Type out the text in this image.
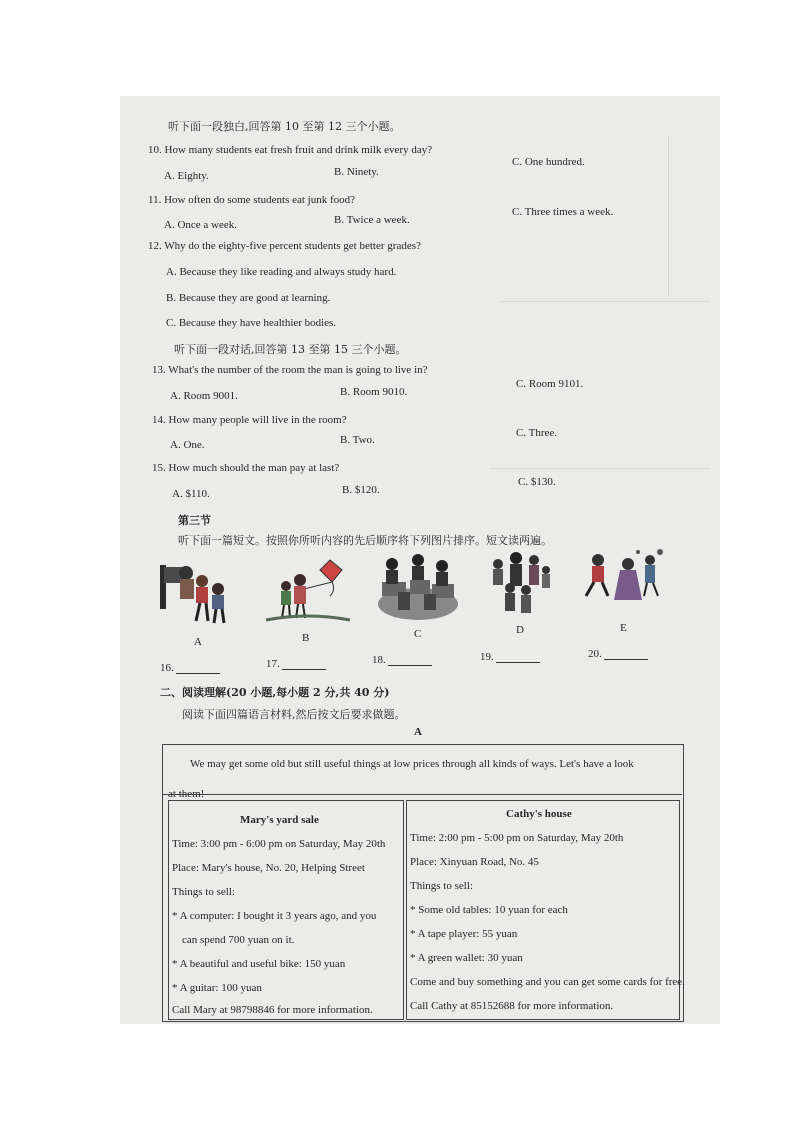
听下面一段独白,回答第 10 至第 12 三个小题。
10. How many students eat fresh fruit and drink milk every day?
A. Eighty.	B. Ninety.
C. One hundred.
11. How often do some students eat junk food?
A. Once a week.	B. Twice a week.
C. Three times a week.
12. Why do the eighty-five percent students get better grades?
A. Because they like reading and always study hard.
B. Because they are good at learning.
C. Because they have healthier bodies.
听下面一段对话,回答第 13 至第 15 三个小题。
13. What's the number of the room the man is going to live in?
A. Room 9001.	B. Room 9010.
C. Room 9101.
14. How many people will live in the room?
A. One.	B. Two.
C. Three.
15. How much should the man pay at last?
A. $110.	B. $120.
C. $130.
第三节
听下面一篇短文。按照你所听内容的先后顺序将下列图片排序。短文读两遍。
A	B	C	D	E
16.	17.	18.	19.	20.
二、阅读理解(20 小题,每小题 2 分,共 40 分)
阅读下面四篇语言材料,然后按文后要求做题。
A
We may get some old but still useful things at low prices through all kinds of ways. Let's have a look
at them!
Mary's yard sale
Time: 3:00 pm - 6:00 pm on Saturday, May 20th
Place: Mary's house, No. 20, Helping Street
Things to sell:
* A computer: I bought it 3 years ago, and you
can spend 700 yuan on it.
* A beautiful and useful bike: 150 yuan
* A guitar: 100 yuan
Call Mary at 98798846 for more information.
Cathy's house
Time: 2:00 pm - 5:00 pm on Saturday, May 20th
Place: Xinyuan Road, No. 45
Things to sell:
* Some old tables: 10 yuan for each
* A tape player: 55 yuan
* A green wallet: 30 yuan
Come and buy something and you can get some cards for free.
Call Cathy at 85152688 for more information.
